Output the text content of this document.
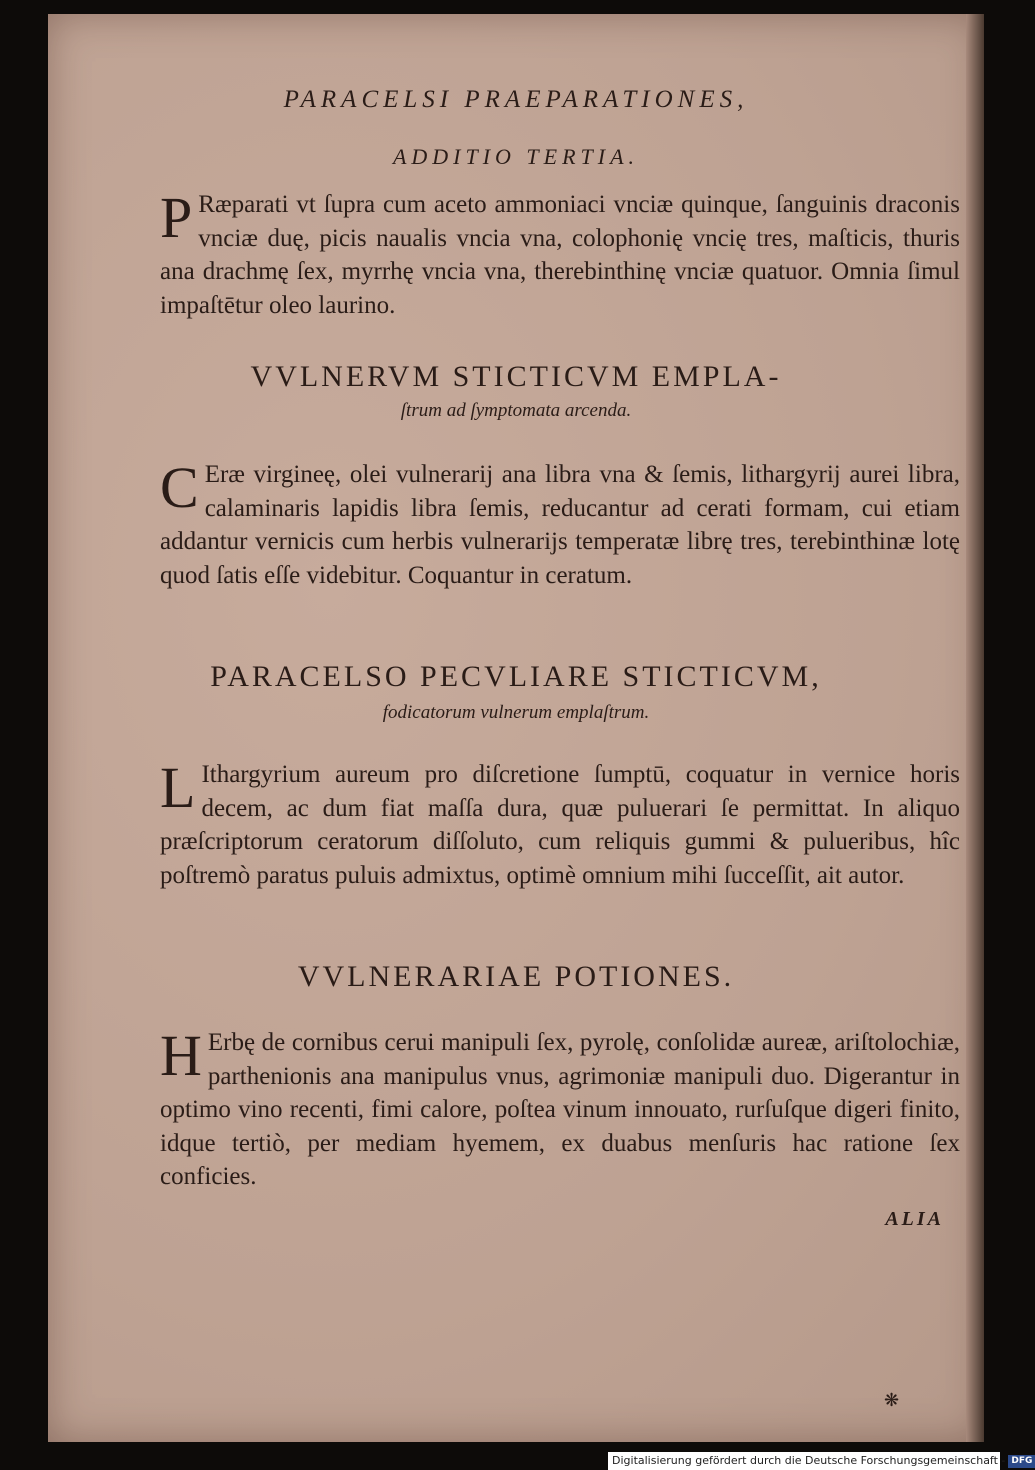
PARACELSI PRAEPARATIONES,
ADDITIO TERTIA.
P Ræparati vt ſupra cum aceto ammoniaci vnciæ quinque, ſanguinis draconis vnciæ duę, picis naualis vncia vna, colophonię vncię tres, maſticis, thuris ana drachmę ſex, myrrhę vncia vna, therebinthinę vnciæ quatuor. Omnia ſimul impaſtētur oleo laurino.
VVLNERVM STICTICVM EMPLA-
ſtrum ad ſymptomata arcenda.
C Eræ virgineę, olei vulnerarij ana libra vna & ſemis, lithargyrij aurei libra, calaminaris lapidis libra ſemis, reducantur ad cerati formam, cui etiam addantur vernicis cum herbis vulnerarijs temperatæ librę tres, terebinthinæ lotę quod ſatis eſſe videbitur. Coquantur in ceratum.
PARACELSO PECVLIARE STICTICVM,
fodicatorum vulnerum emplaſtrum.
L Ithargyrium aureum pro diſcretione ſumptū, coquatur in vernice horis decem, ac dum fiat maſſa dura, quæ puluerari ſe permittat. In aliquo præſcriptorum ceratorum diſſoluto, cum reliquis gummi & pulueribus, hîc poſtremò paratus puluis admixtus, optimè omnium mihi ſucceſſit, ait autor.
VVLNERARIAE POTIONES.
H Erbę de cornibus cerui manipuli ſex, pyrolę, conſolidæ aureæ, ariſtolochiæ, parthenionis ana manipulus vnus, agrimoniæ manipuli duo. Digerantur in optimo vino recenti, fimi calore, poſtea vinum innouato, rurſuſque digeri finito, idque tertiò, per mediam hyemem, ex duabus menſuris hac ratione ſex conficies.
ALIA
❋
Digitalisierung gefördert durch die Deutsche Forschungsgemeinschaft - DFG
